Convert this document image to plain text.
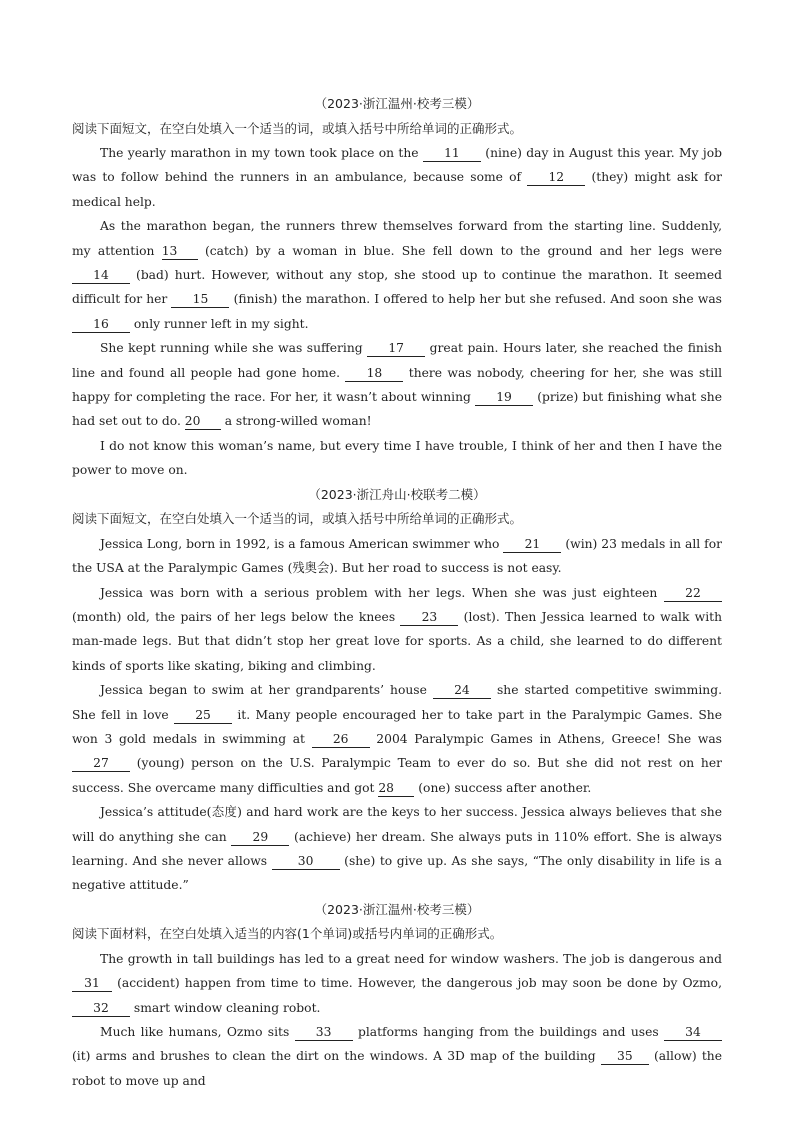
（2023·浙江温州·校考三模）

阅读下面短文，在空白处填入一个适当的词，或填入括号中所给单词的正确形式。

The yearly marathon in my town took place on the 11 (nine) day in August this year. My job was to follow behind the runners in an ambulance, because some of 12 (they) might ask for medical help.

As the marathon began, the runners threw themselves forward from the starting line. Suddenly, my attention 13 (catch) by a woman in blue. She fell down to the ground and her legs were 14 (bad) hurt. However, without any stop, she stood up to continue the marathon. It seemed difficult for her 15 (finish) the marathon. I offered to help her but she refused. And soon she was 16 only runner left in my sight.

She kept running while she was suffering 17 great pain. Hours later, she reached the finish line and found all people had gone home. 18 there was nobody, cheering for her, she was still happy for completing the race. For her, it wasn’t about winning 19 (prize) but finishing what she had set out to do. 20 a strong-willed woman!

I do not know this woman’s name, but every time I have trouble, I think of her and then I have the power to move on.

（2023·浙江舟山·校联考二模）

阅读下面短文，在空白处填入一个适当的词，或填入括号中所给单词的正确形式。

Jessica Long, born in 1992, is a famous American swimmer who 21 (win) 23 medals in all for the USA at the Paralympic Games (残奥会). But her road to success is not easy.

Jessica was born with a serious problem with her legs. When she was just eighteen 22 (month) old, the pairs of her legs below the knees 23 (lost). Then Jessica learned to walk with man-made legs. But that didn’t stop her great love for sports. As a child, she learned to do different kinds of sports like skating, biking and climbing.

Jessica began to swim at her grandparents’ house 24 she started competitive swimming. She fell in love 25 it. Many people encouraged her to take part in the Paralympic Games. She won 3 gold medals in swimming at 26 2004 Paralympic Games in Athens, Greece! She was 27 (young) person on the U.S. Paralympic Team to ever do so. But she did not rest on her success. She overcame many difficulties and got 28 (one) success after another.

Jessica’s attitude(态度) and hard work are the keys to her success. Jessica always believes that she will do anything she can 29 (achieve) her dream. She always puts in 110% effort. She is always learning. And she never allows 30 (she) to give up. As she says, “The only disability in life is a negative attitude.”

（2023·浙江温州·校考三模）

阅读下面材料，在空白处填入适当的内容(1个单词)或括号内单词的正确形式。

The growth in tall buildings has led to a great need for window washers. The job is dangerous and 31 (accident) happen from time to time. However, the dangerous job may soon be done by Ozmo, 32 smart window cleaning robot.

Much like humans, Ozmo sits 33 platforms hanging from the buildings and uses 34 (it) arms and brushes to clean the dirt on the windows. A 3D map of the building 35 (allow) the robot to move up and
